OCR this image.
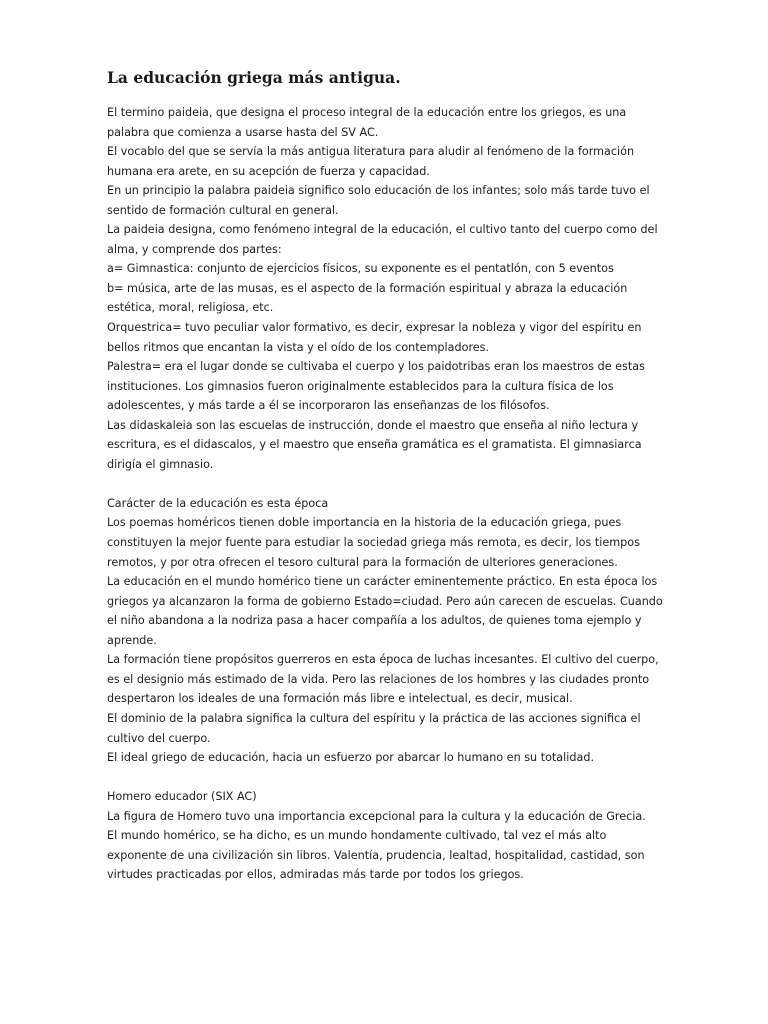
La educación griega más antigua.
El termino paideia, que designa el proceso integral de la educación entre los griegos, es una
palabra que comienza a usarse hasta del SV AC.
El vocablo del que se servía la más antigua literatura para aludir al fenómeno de la formación
humana era arete, en su acepción de fuerza y capacidad.
En un principio la palabra paideia significo solo educación de los infantes; solo más tarde tuvo el
sentido de formación cultural en general.
La paideia designa, como fenómeno integral de la educación, el cultivo tanto del cuerpo como del
alma, y comprende dos partes:
a= Gimnastica: conjunto de ejercicios físicos, su exponente es el pentatlón, con 5 eventos
b= música, arte de las musas, es el aspecto de la formación espiritual y abraza la educación
estética, moral, religiosa, etc.
Orquestrica= tuvo peculiar valor formativo, es decir, expresar la nobleza y vigor del espíritu en
bellos ritmos que encantan la vista y el oído de los contempladores.
Palestra= era el lugar donde se cultivaba el cuerpo y los paidotribas eran los maestros de estas
instituciones. Los gimnasios fueron originalmente establecidos para la cultura física de los
adolescentes, y más tarde a él se incorporaron las enseñanzas de los filósofos.
Las didaskaleia son las escuelas de instrucción, donde el maestro que enseña al niño lectura y
escritura, es el didascalos, y el maestro que enseña gramática es el gramatista. El gimnasiarca
dirigía el gimnasio.
Carácter de la educación es esta época
Los poemas homéricos tienen doble importancia en la historia de la educación griega, pues
constituyen la mejor fuente para estudiar la sociedad griega más remota, es decir, los tiempos
remotos, y por otra ofrecen el tesoro cultural para la formación de ulteriores generaciones.
La educación en el mundo homérico tiene un carácter eminentemente práctico. En esta época los
griegos ya alcanzaron la forma de gobierno Estado=ciudad. Pero aún carecen de escuelas. Cuando
el niño abandona a la nodriza pasa a hacer compañía a los adultos, de quienes toma ejemplo y
aprende.
La formación tiene propósitos guerreros en esta época de luchas incesantes. El cultivo del cuerpo,
es el designio más estimado de la vida. Pero las relaciones de los hombres y las ciudades pronto
despertaron los ideales de una formación más libre e intelectual, es decir, musical.
El dominio de la palabra significa la cultura del espíritu y la práctica de las acciones significa el
cultivo del cuerpo.
El ideal griego de educación, hacia un esfuerzo por abarcar lo humano en su totalidad.
Homero educador (SIX AC)
La figura de Homero tuvo una importancia excepcional para la cultura y la educación de Grecia.
El mundo homérico, se ha dicho, es un mundo hondamente cultivado, tal vez el más alto
exponente de una civilización sin libros. Valentía, prudencia, lealtad, hospitalidad, castidad, son
virtudes practicadas por ellos, admiradas más tarde por todos los griegos.
